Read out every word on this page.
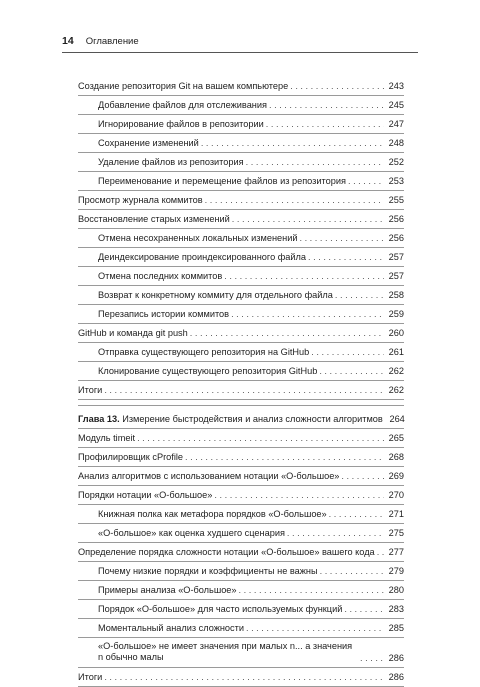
14 Оглавление
Создание репозитория Git на вашем компьютере . . .	243
Добавление файлов для отслеживания . . .	245
Игнорирование файлов в репозитории . . .	247
Сохранение изменений . . .	248
Удаление файлов из репозитория . . .	252
Переименование и перемещение файлов из репозитория . . .	253
Просмотр журнала коммитов . . .	255
Восстановление старых изменений . . .	256
Отмена несохраненных локальных изменений . . .	256
Деиндексирование проиндексированного файла . . .	257
Отмена последних коммитов . . .	257
Возврат к конкретному коммиту для отдельного файла . . .	258
Перезапись истории коммитов . . .	259
GitHub и команда git push . . .	260
Отправка существующего репозитория на GitHub . . .	261
Клонирование существующего репозитория GitHub . . .	262
Итоги . . .	262
Глава 13. Измерение быстродействия и анализ сложности алгоритмов 264
Модуль timeit . . .	265
Профилировщик cProfile . . .	268
Анализ алгоритмов с использованием нотации «О-большое» . . .	269
Порядки нотации «О-большое» . . .	270
Книжная полка как метафора порядков «О-большое» . . .	271
«О-большое» как оценка худшего сценария . . .	275
Определение порядка сложности нотации «О-большое» вашего кода . . . 277
Почему низкие порядки и коэффициенты не важны . . .	279
Примеры анализа «О-большое» . . .	280
Порядок «О-большое» для часто используемых функций . . .	283
Моментальный анализ сложности . . .	285
«О-большое» не имеет значения при малых n... а значения n обычно малы . . .	286
Итоги . . .	286
